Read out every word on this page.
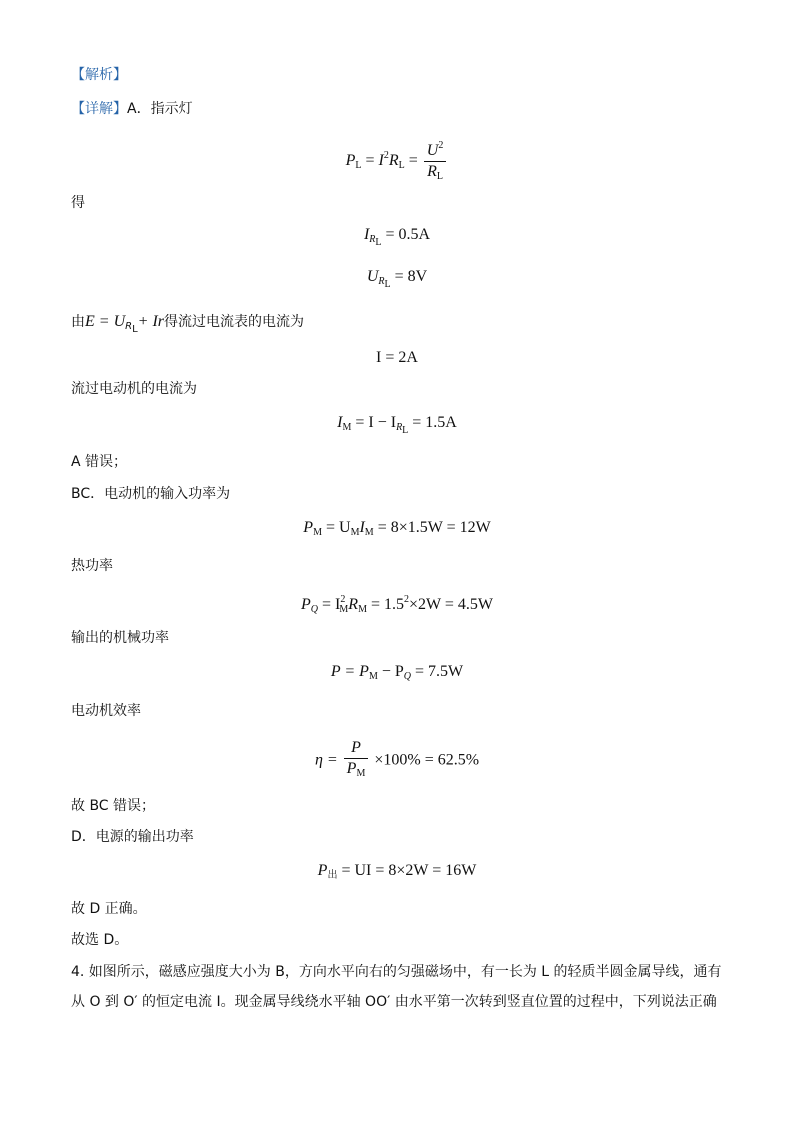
【解析】
【详解】A．指示灯
$P_L = I^2R_L = \frac{U^2}{R_L}$
得
$I_{R_L} = 0.5A$
$U_{R_L} = 8V$
由$E = U_{R_L}+ Ir$得流过电流表的电流为
I = 2A
流过电动机的电流为
$I_M = I - I_{R_L} = 1.5A$
A 错误；
BC．电动机的输入功率为
$P_M = U_MI_M = 8\times 1.5W = 12W$
热功率
$P_Q = I^2_MR_M = 1.5^2\times 2W = 4.5W$
输出的机械功率
$P = P_M - P_Q = 7.5W$
电动机效率
$\eta = \frac{P}{P_M} \times 100\% = 62.5\%$
故 BC 错误；
D．电源的输出功率
$P_出$ = UI = 8×2W = 16W
故 D 正确。
故选 D。
4. 如图所示，磁感应强度大小为 B，方向水平向右的匀强磁场中，有一长为 L 的轻质半圆金属导线，通有从 O 到 O′ 的恒定电流 I。现金属导线绕水平轴 OO′ 由水平第一次转到竖直位置的过程中，下列说法正确
